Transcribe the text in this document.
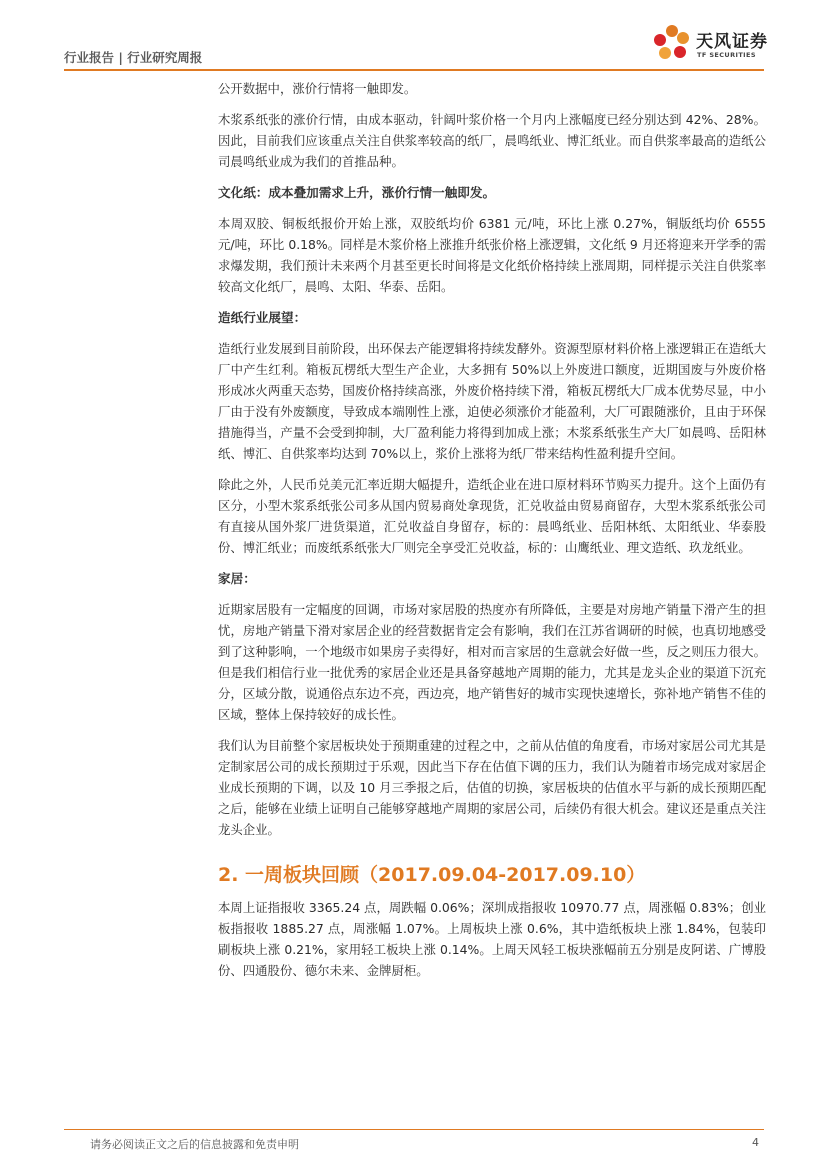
行业报告 | 行业研究周报
天风证券
TF SECURITIES

公开数据中，涨价行情将一触即发。

木浆系纸张的涨价行情，由成本驱动，针阔叶浆价格一个月内上涨幅度已经分别达到 42%、28%。因此，目前我们应该重点关注自供浆率较高的纸厂，晨鸣纸业、博汇纸业。而自供浆率最高的造纸公司晨鸣纸业成为我们的首推品种。

文化纸：成本叠加需求上升，涨价行情一触即发。

本周双胶、铜板纸报价开始上涨，双胶纸均价 6381 元/吨，环比上涨 0.27%，铜版纸均价 6555 元/吨，环比 0.18%。同样是木浆价格上涨推升纸张价格上涨逻辑，文化纸 9 月还将迎来开学季的需求爆发期，我们预计未来两个月甚至更长时间将是文化纸价格持续上涨周期，同样提示关注自供浆率较高文化纸厂，晨鸣、太阳、华泰、岳阳。

造纸行业展望：

造纸行业发展到目前阶段，出环保去产能逻辑将持续发酵外。资源型原材料价格上涨逻辑正在造纸大厂中产生红利。箱板瓦楞纸大型生产企业，大多拥有 50%以上外废进口额度，近期国废与外废价格形成冰火两重天态势，国废价格持续高涨，外废价格持续下滑，箱板瓦楞纸大厂成本优势尽显，中小厂由于没有外废额度，导致成本端刚性上涨，迫使必须涨价才能盈利，大厂可跟随涨价，且由于环保措施得当，产量不会受到抑制，大厂盈利能力将得到加成上涨；木浆系纸张生产大厂如晨鸣、岳阳林纸、博汇、自供浆率均达到 70%以上，浆价上涨将为纸厂带来结构性盈利提升空间。

除此之外，人民币兑美元汇率近期大幅提升，造纸企业在进口原材料环节购买力提升。这个上面仍有区分，小型木浆系纸张公司多从国内贸易商处拿现货，汇兑收益由贸易商留存，大型木浆系纸张公司有直接从国外浆厂进货渠道，汇兑收益自身留存，标的：晨鸣纸业、岳阳林纸、太阳纸业、华泰股份、博汇纸业；而废纸系纸张大厂则完全享受汇兑收益，标的：山鹰纸业、理文造纸、玖龙纸业。

家居：

近期家居股有一定幅度的回调，市场对家居股的热度亦有所降低，主要是对房地产销量下滑产生的担忧，房地产销量下滑对家居企业的经营数据肯定会有影响，我们在江苏省调研的时候，也真切地感受到了这种影响，一个地级市如果房子卖得好，相对而言家居的生意就会好做一些，反之则压力很大。但是我们相信行业一批优秀的家居企业还是具备穿越地产周期的能力，尤其是龙头企业的渠道下沉充分，区域分散，说通俗点东边不亮，西边亮，地产销售好的城市实现快速增长，弥补地产销售不佳的区域，整体上保持较好的成长性。

我们认为目前整个家居板块处于预期重建的过程之中，之前从估值的角度看，市场对家居公司尤其是定制家居公司的成长预期过于乐观，因此当下存在估值下调的压力，我们认为随着市场完成对家居企业成长预期的下调，以及 10 月三季报之后，估值的切换，家居板块的估值水平与新的成长预期匹配之后，能够在业绩上证明自己能够穿越地产周期的家居公司，后续仍有很大机会。建议还是重点关注龙头企业。

2. 一周板块回顾（2017.09.04-2017.09.10）

本周上证指报收 3365.24 点，周跌幅 0.06%；深圳成指报收 10970.77 点，周涨幅 0.83%；创业板指报收 1885.27 点，周涨幅 1.07%。上周板块上涨 0.6%，其中造纸板块上涨 1.84%，包装印刷板块上涨 0.21%，家用轻工板块上涨 0.14%。上周天风轻工板块涨幅前五分别是皮阿诺、广博股份、四通股份、德尔未来、金牌厨柜。

请务必阅读正文之后的信息披露和免责申明	4
